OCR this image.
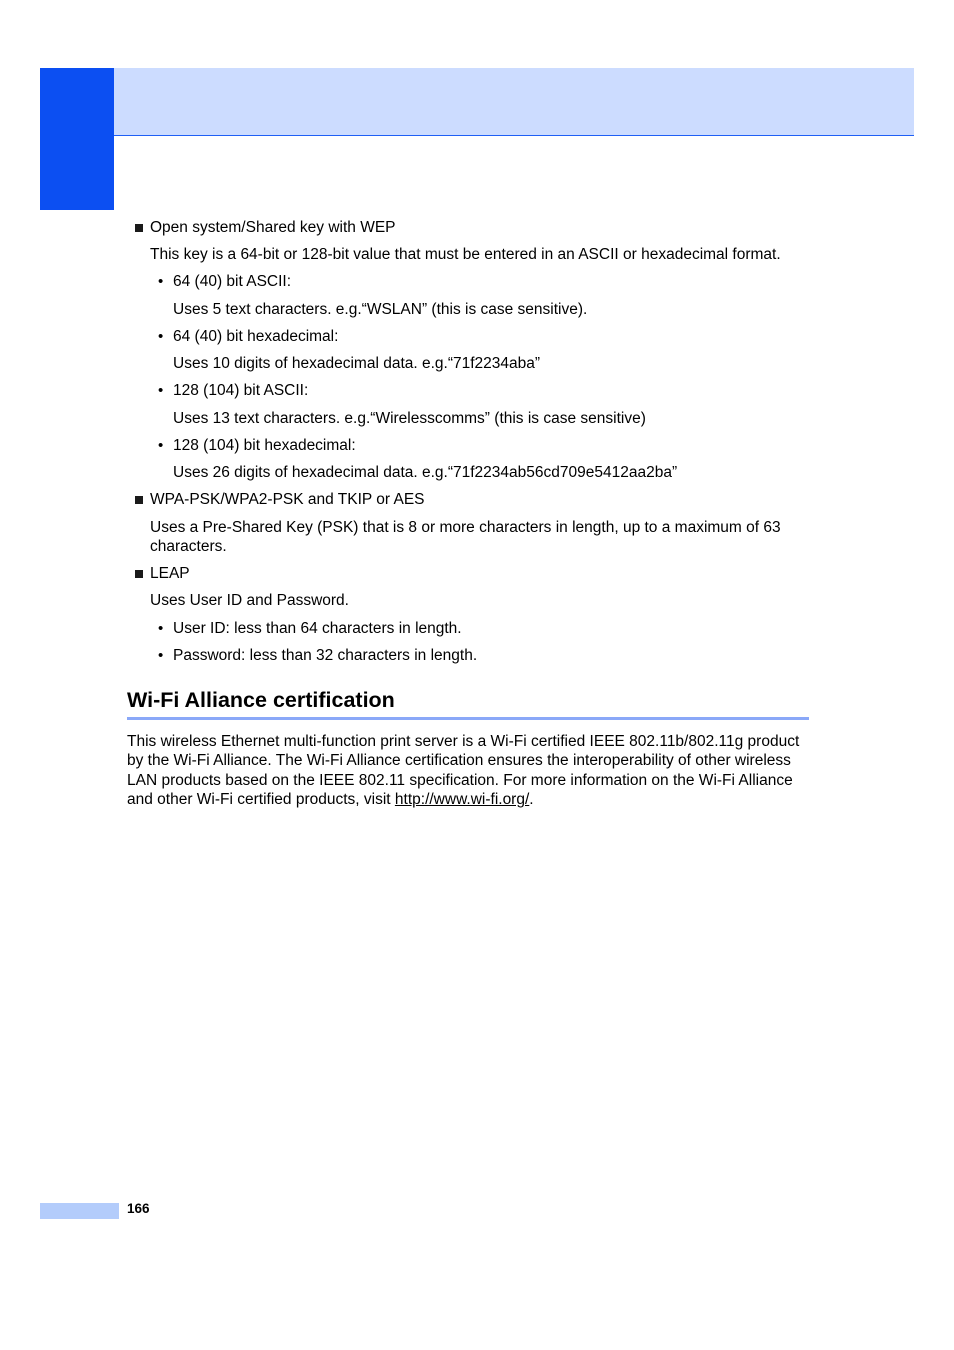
Open system/Shared key with WEP
This key is a 64-bit or 128-bit value that must be entered in an ASCII or hexadecimal format.
• 64 (40) bit ASCII:
Uses 5 text characters. e.g.“WSLAN” (this is case sensitive).
• 64 (40) bit hexadecimal:
Uses 10 digits of hexadecimal data. e.g.“71f2234aba”
• 128 (104) bit ASCII:
Uses 13 text characters. e.g.“Wirelesscomms” (this is case sensitive)
• 128 (104) bit hexadecimal:
Uses 26 digits of hexadecimal data. e.g.“71f2234ab56cd709e5412aa2ba”
WPA-PSK/WPA2-PSK and TKIP or AES
Uses a Pre-Shared Key (PSK) that is 8 or more characters in length, up to a maximum of 63
characters.
LEAP
Uses User ID and Password.
• User ID: less than 64 characters in length.
• Password: less than 32 characters in length.
Wi-Fi Alliance certification
This wireless Ethernet multi-function print server is a Wi-Fi certified IEEE 802.11b/802.11g product by the Wi-Fi Alliance. The Wi-Fi Alliance certification ensures the interoperability of other wireless LAN products based on the IEEE 802.11 specification. For more information on the Wi-Fi Alliance and other Wi-Fi certified products, visit http://www.wi-fi.org/.
166
